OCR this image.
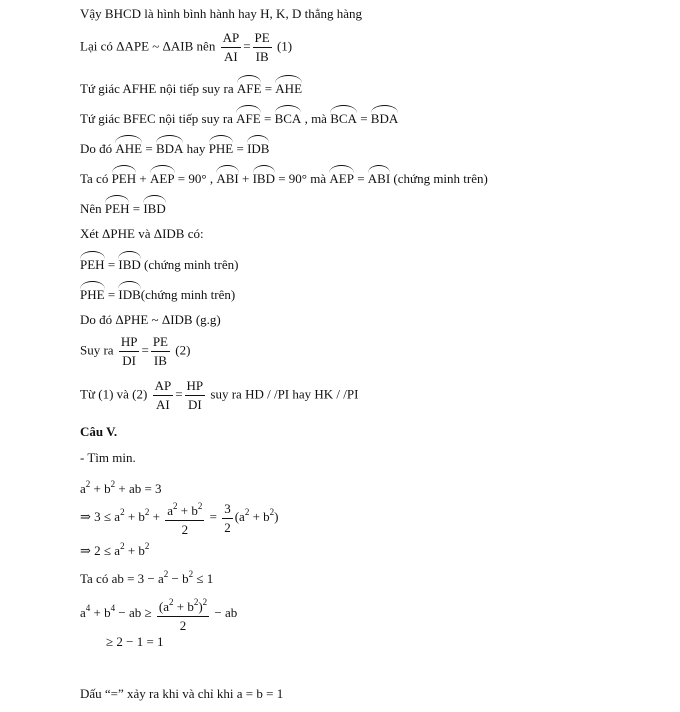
Vậy BHCD là hình bình hành hay H, K, D thẳng hàng
Lại có ΔAPE ~ ΔAIB nên $\frac{AP}{AI} = \frac{PE}{IB} (1)$
Tứ giác AFHE nội tiếp suy ra AFE = AHE
Tứ giác BFEC nội tiếp suy ra AFE = BCA , mà BCA = BDA
Do đó AHE = BDA hay PHE = IDB
Ta có PEH + AEP = 90° , ABI + IBD = 90° mà AEP = ABI (chứng minh trên)
Nên PEH = IBD
Xét ΔPHE và ΔIDB có:
PEH = IBD (chứng minh trên)
PHE = IDB(chứng minh trên)
Do đó ΔPHE ~ ΔIDB (g.g)
Suy ra $\frac{HP}{DI} = \frac{PE}{IB} (2)$
Từ (1) và $(2) \frac{AP}{AI} = \frac{HP}{DI}$ suy ra HD / /PI hay HK / /PI
Câu V.
- Tìm min.
$a^2 + b^2$ + ab = 3
⇒ $3 \le a^2 + b^2 + \frac{a^2 + b^2}{2} = \frac{3}{2} (a^2 + b^2)$
⇒ $2 \le a^2 + b^2$
Ta có ab = $3 - a^2 - b^2 \le 1$
$a^4 + b^4$ − ab ≥ $\frac{(a^2 + b^2)^2}{2}$ − ab
≥ 2 − 1 = 1
Dấu “=” xảy ra khi và chỉ khi a = b = 1
